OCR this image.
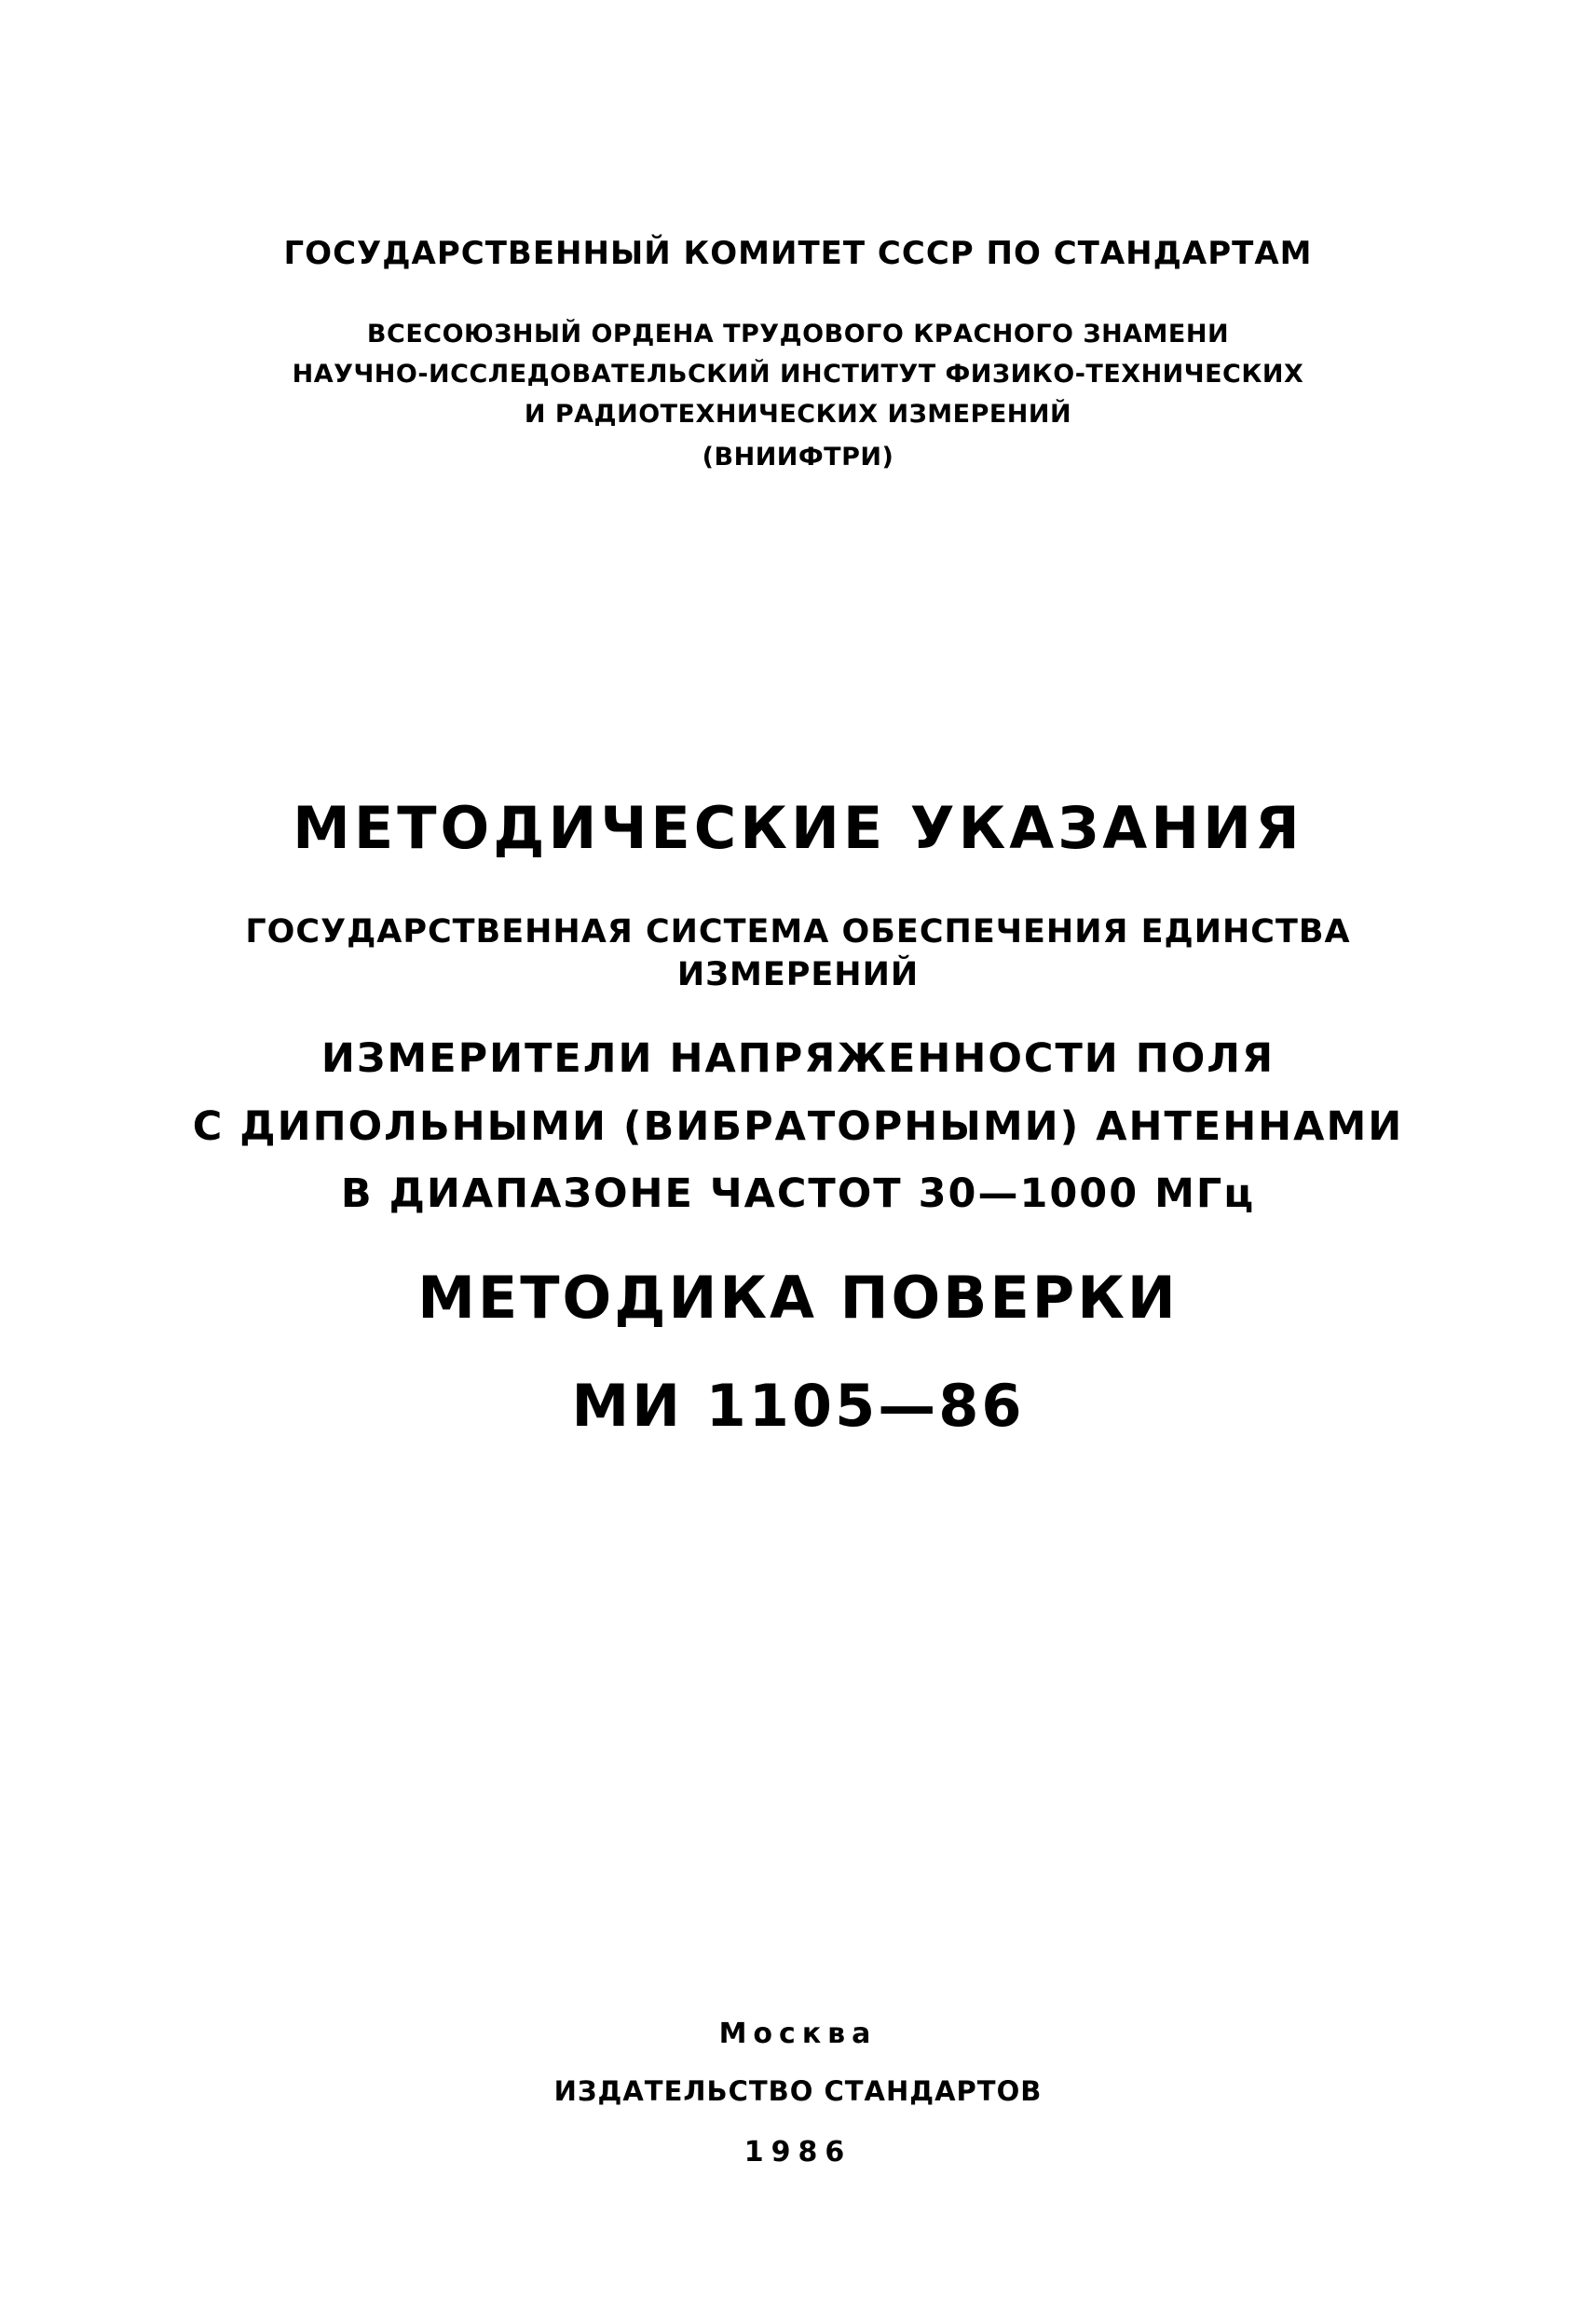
ГОСУДАРСТВЕННЫЙ КОМИТЕТ СССР ПО СТАНДАРТАМ
ВСЕСОЮЗНЫЙ ОРДЕНА ТРУДОВОГО КРАСНОГО ЗНАМЕНИ
НАУЧНО-ИССЛЕДОВАТЕЛЬСКИЙ ИНСТИТУТ ФИЗИКО-ТЕХНИЧЕСКИХ
И РАДИОТЕХНИЧЕСКИХ ИЗМЕРЕНИЙ
(ВНИИФТРИ)
МЕТОДИЧЕСКИЕ УКАЗАНИЯ
ГОСУДАРСТВЕННАЯ СИСТЕМА ОБЕСПЕЧЕНИЯ ЕДИНСТВА
ИЗМЕРЕНИЙ
ИЗМЕРИТЕЛИ НАПРЯЖЕННОСТИ ПОЛЯ
С ДИПОЛЬНЫМИ (ВИБРАТОРНЫМИ) АНТЕННАМИ
В ДИАПАЗОНЕ ЧАСТОТ 30—1000 МГц
МЕТОДИКА ПОВЕРКИ
МИ 1105—86
Москва
ИЗДАТЕЛЬСТВО СТАНДАРТОВ
1986
